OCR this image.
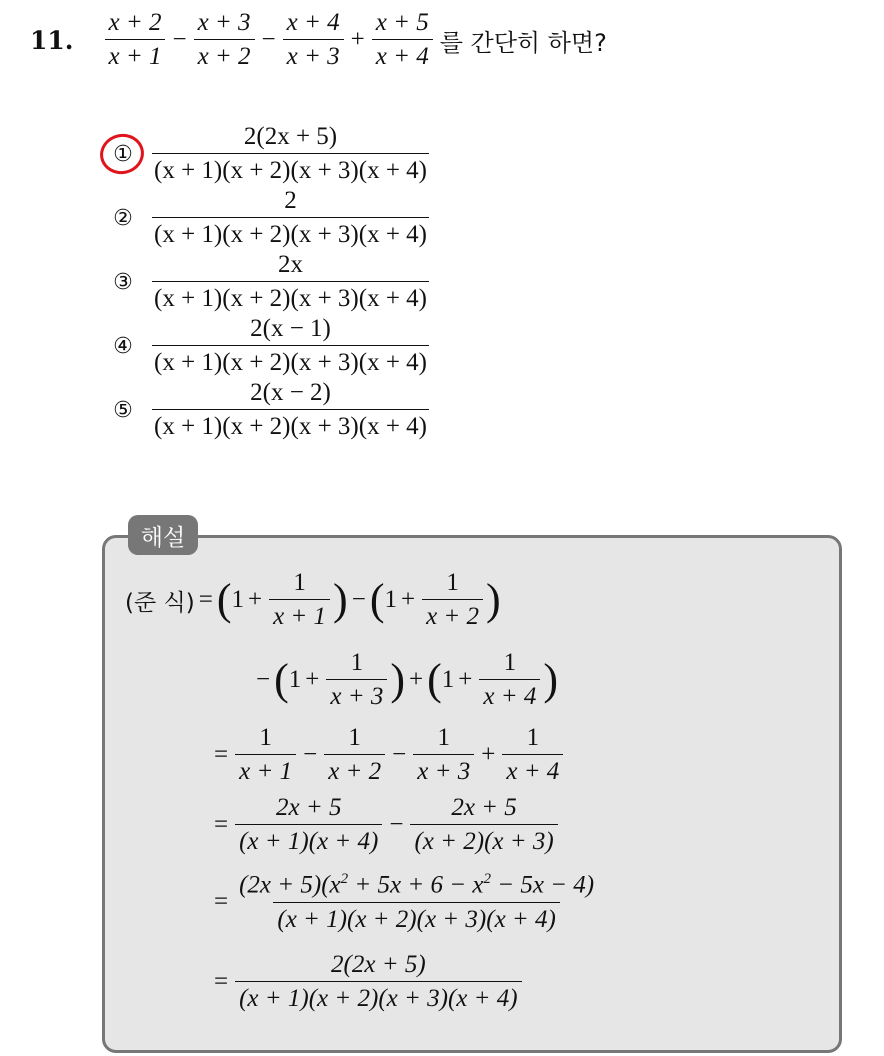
11. $\frac{x + 2}{x + 1} - \frac{x + 3}{x + 2} - \frac{x + 4}{x + 3} + \frac{x + 5}{x + 4}$ 를 간단히 하면?
① $\frac{2(2x + 5)}{(x + 1)(x + 2)(x + 3)(x + 4)}$
② $\frac{2}{(x + 1)(x + 2)(x + 3)(x + 4)}$
③ $\frac{2x}{(x + 1)(x + 2)(x + 3)(x + 4)}$
④ $\frac{2(x - 1)}{(x + 1)(x + 2)(x + 3)(x + 4)}$
⑤ $\frac{2(x - 2)}{(x + 1)(x + 2)(x + 3)(x + 4)}$
해설
(준 식) = ( $1 + \frac{1}{x + 1}$ ) − ( $1 + \frac{1}{x + 2}$ )
− ( $1 + \frac{1}{x + 3}$ ) + ( $1 + \frac{1}{x + 4}$ )
= $\frac{1}{x + 1} - \frac{1}{x + 2} - \frac{1}{x + 3} + \frac{1}{x + 4}$
= $\frac{2x + 5}{(x + 1)(x + 4)} - \frac{2x + 5}{(x + 2)(x + 3)}$
= $\frac{(2x + 5)(x^2 + 5x + 6 - x^2 - 5x - 4)}{(x + 1)(x + 2)(x + 3)(x + 4)}$
= $\frac{2(2x + 5)}{(x + 1)(x + 2)(x + 3)(x + 4)}$
